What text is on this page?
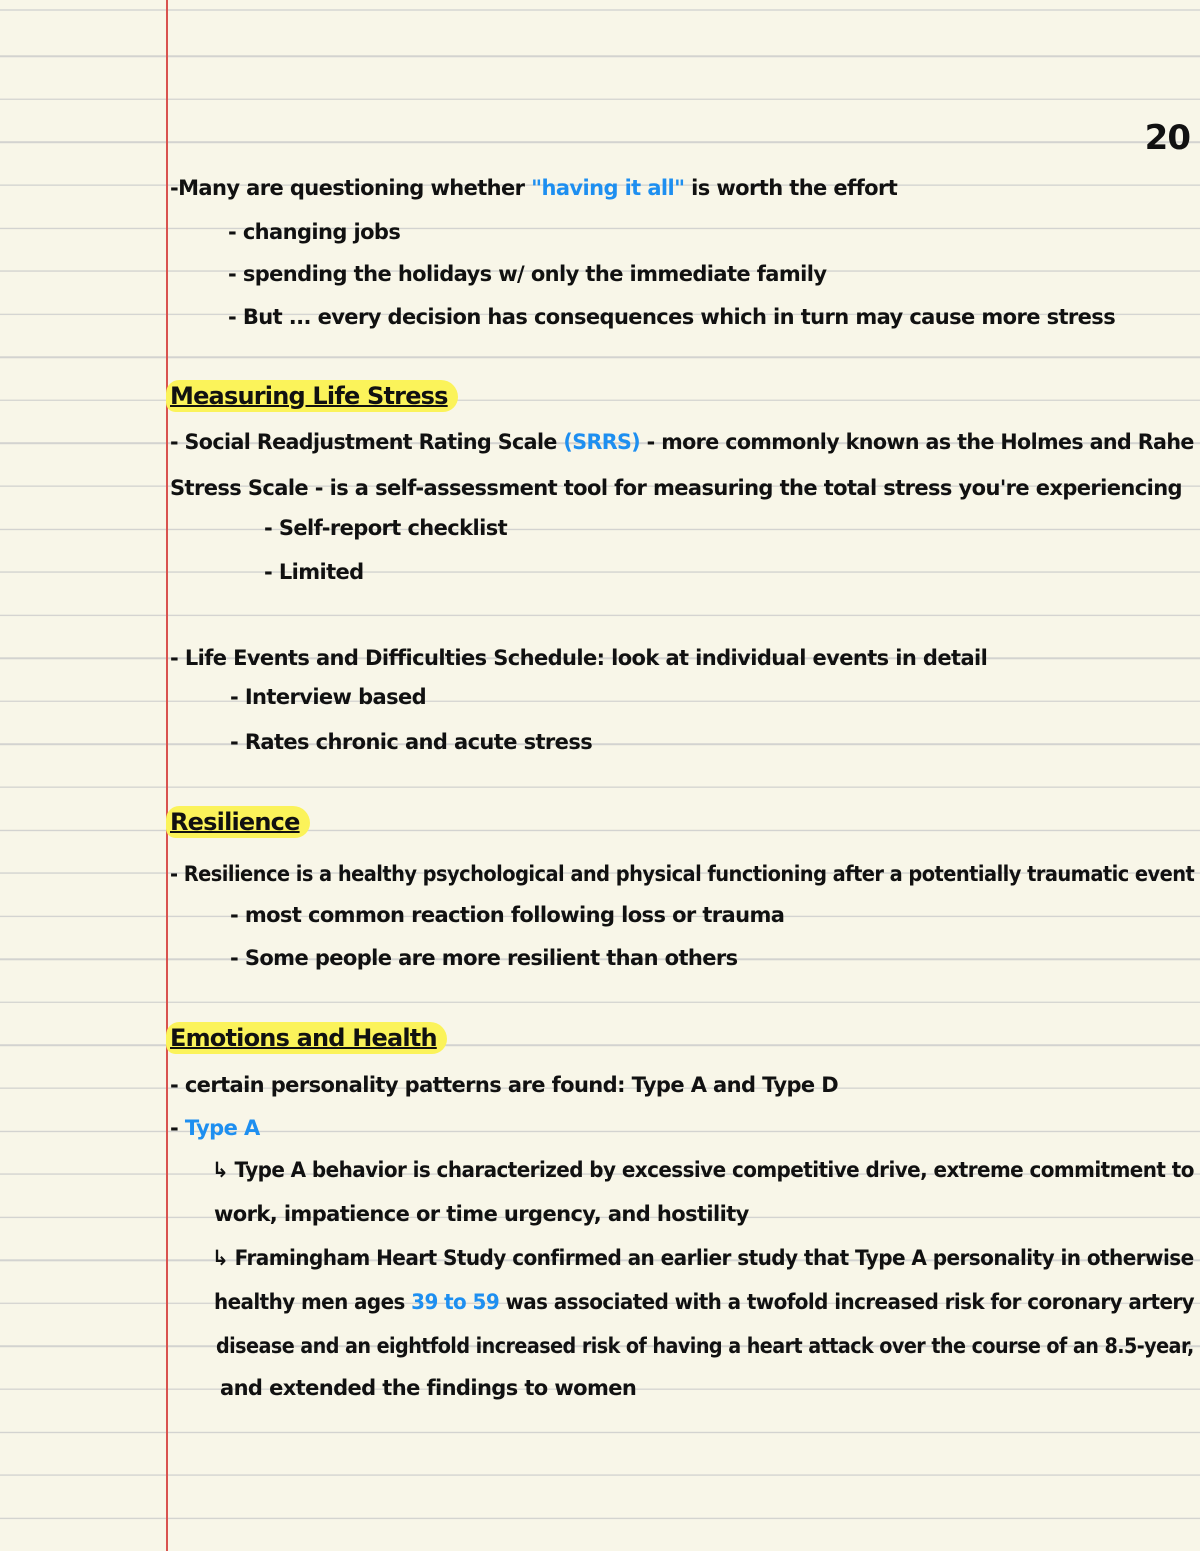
20
-Many are questioning whether "having it all" is worth the effort
- changing jobs
- spending the holidays w/ only the immediate family
- But ... every decision has consequences which in turn may cause more stress
Measuring Life Stress
- Social Readjustment Rating Scale (SRRS) - more commonly known as the Holmes and Rahe
Stress Scale - is a self-assessment tool for measuring the total stress you're experiencing
- Self-report checklist
- Limited
- Life Events and Difficulties Schedule: look at individual events in detail
- Interview based
- Rates chronic and acute stress
Resilience
- Resilience is a healthy psychological and physical functioning after a potentially traumatic event
- most common reaction following loss or trauma
- Some people are more resilient than others
Emotions and Health
- certain personality patterns are found: Type A and Type D
- Type A
↳ Type A behavior is characterized by excessive competitive drive, extreme commitment to
work, impatience or time urgency, and hostility
↳ Framingham Heart Study confirmed an earlier study that Type A personality in otherwise
healthy men ages 39 to 59 was associated with a twofold increased risk for coronary artery
disease and an eightfold increased risk of having a heart attack over the course of an 8.5-year,
and extended the findings to women
